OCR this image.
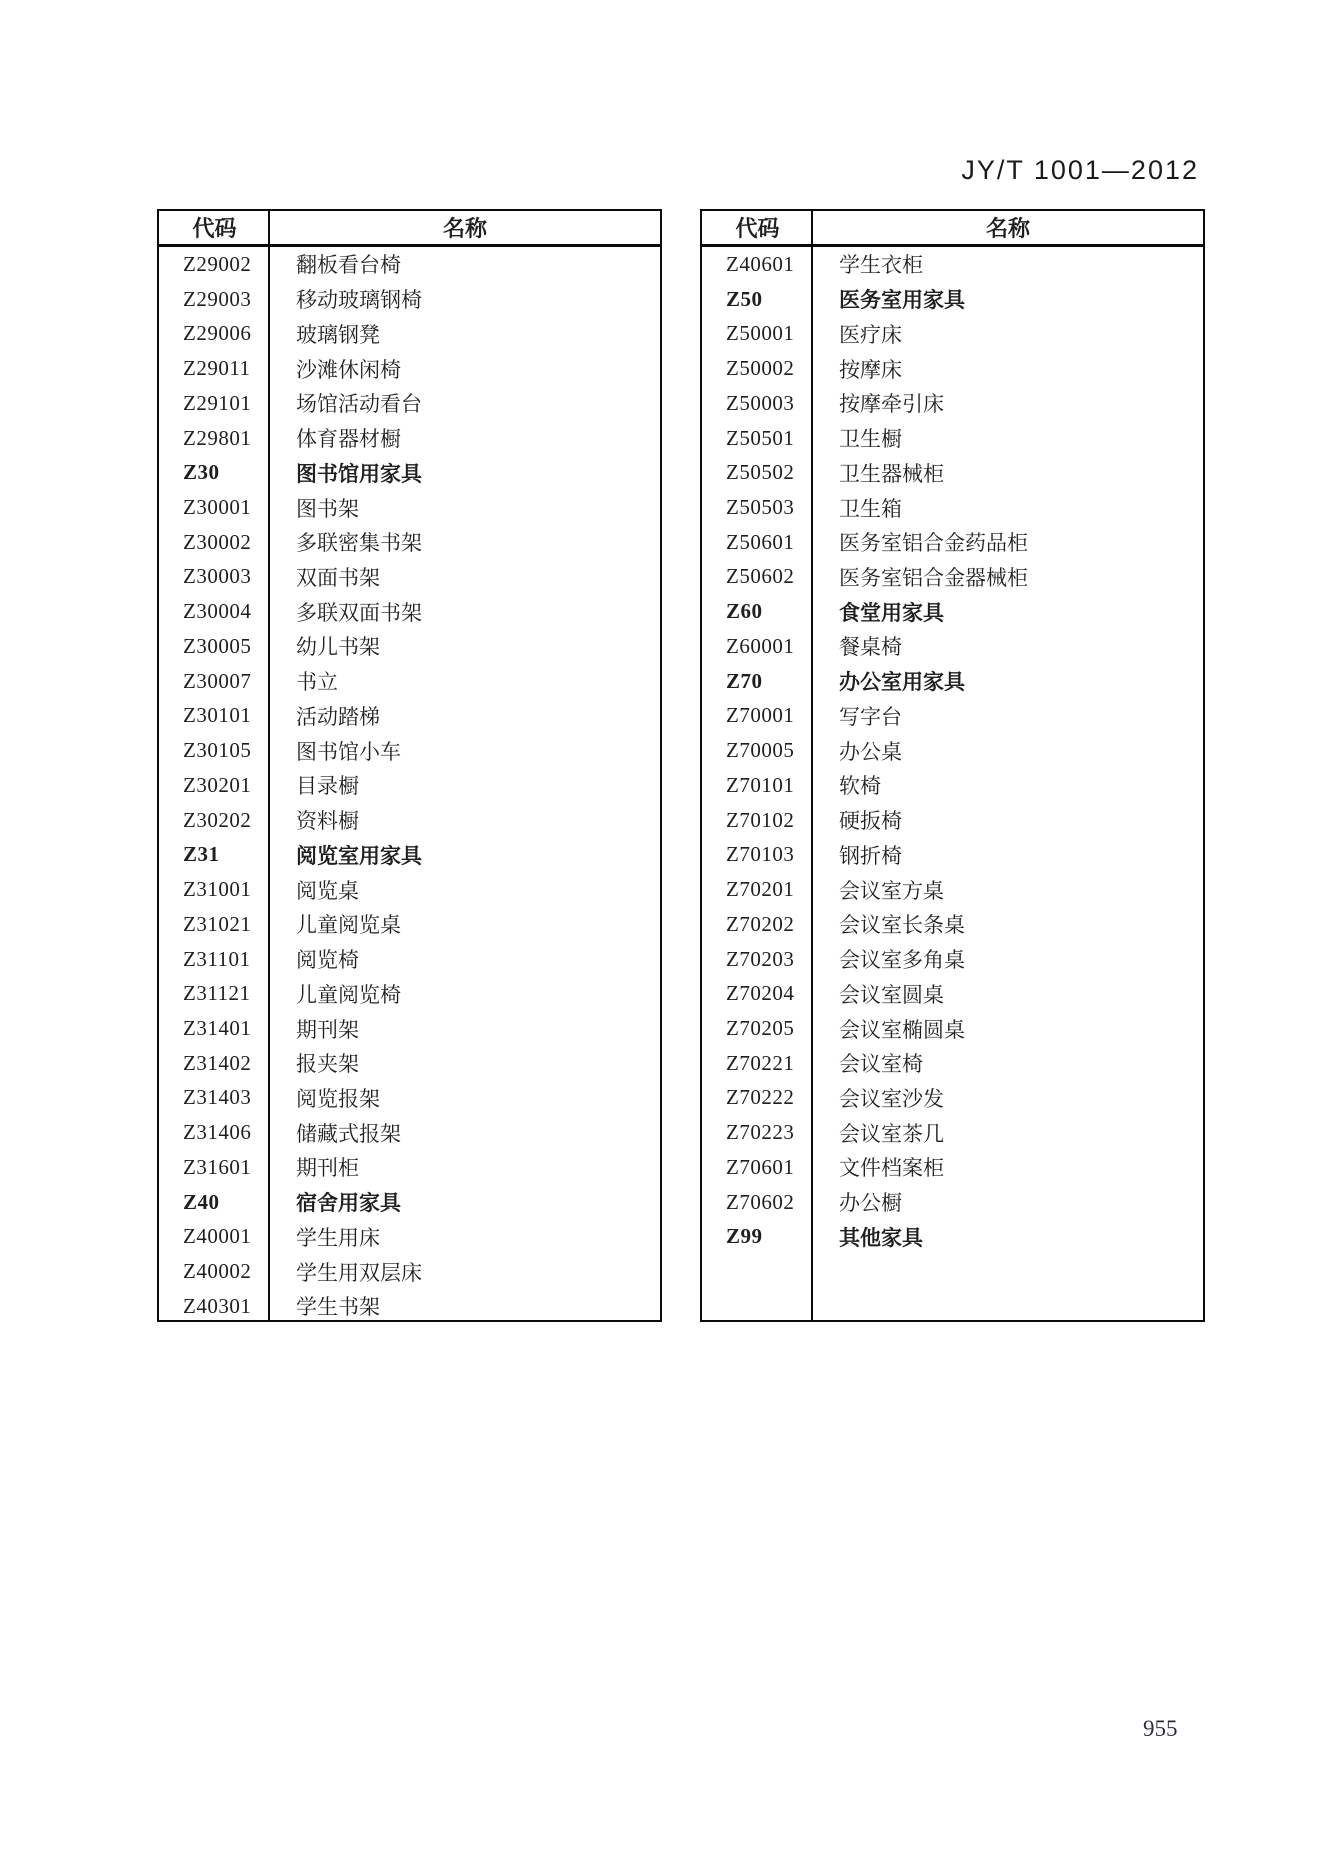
JY/T 1001—2012
代码	名称
Z29002	翻板看台椅
Z29003	移动玻璃钢椅
Z29006	玻璃钢凳
Z29011	沙滩休闲椅
Z29101	场馆活动看台
Z29801	体育器材橱
Z30	图书馆用家具
Z30001	图书架
Z30002	多联密集书架
Z30003	双面书架
Z30004	多联双面书架
Z30005	幼儿书架
Z30007	书立
Z30101	活动踏梯
Z30105	图书馆小车
Z30201	目录橱
Z30202	资料橱
Z31	阅览室用家具
Z31001	阅览桌
Z31021	儿童阅览桌
Z31101	阅览椅
Z31121	儿童阅览椅
Z31401	期刊架
Z31402	报夹架
Z31403	阅览报架
Z31406	储藏式报架
Z31601	期刊柜
Z40	宿舍用家具
Z40001	学生用床
Z40002	学生用双层床
Z40301	学生书架
代码	名称
Z40601	学生衣柜
Z50	医务室用家具
Z50001	医疗床
Z50002	按摩床
Z50003	按摩牵引床
Z50501	卫生橱
Z50502	卫生器械柜
Z50503	卫生箱
Z50601	医务室铝合金药品柜
Z50602	医务室铝合金器械柜
Z60	食堂用家具
Z60001	餐桌椅
Z70	办公室用家具
Z70001	写字台
Z70005	办公桌
Z70101	软椅
Z70102	硬扳椅
Z70103	钢折椅
Z70201	会议室方桌
Z70202	会议室长条桌
Z70203	会议室多角桌
Z70204	会议室圆桌
Z70205	会议室椭圆桌
Z70221	会议室椅
Z70222	会议室沙发
Z70223	会议室茶几
Z70601	文件档案柜
Z70602	办公橱
Z99	其他家具
955
